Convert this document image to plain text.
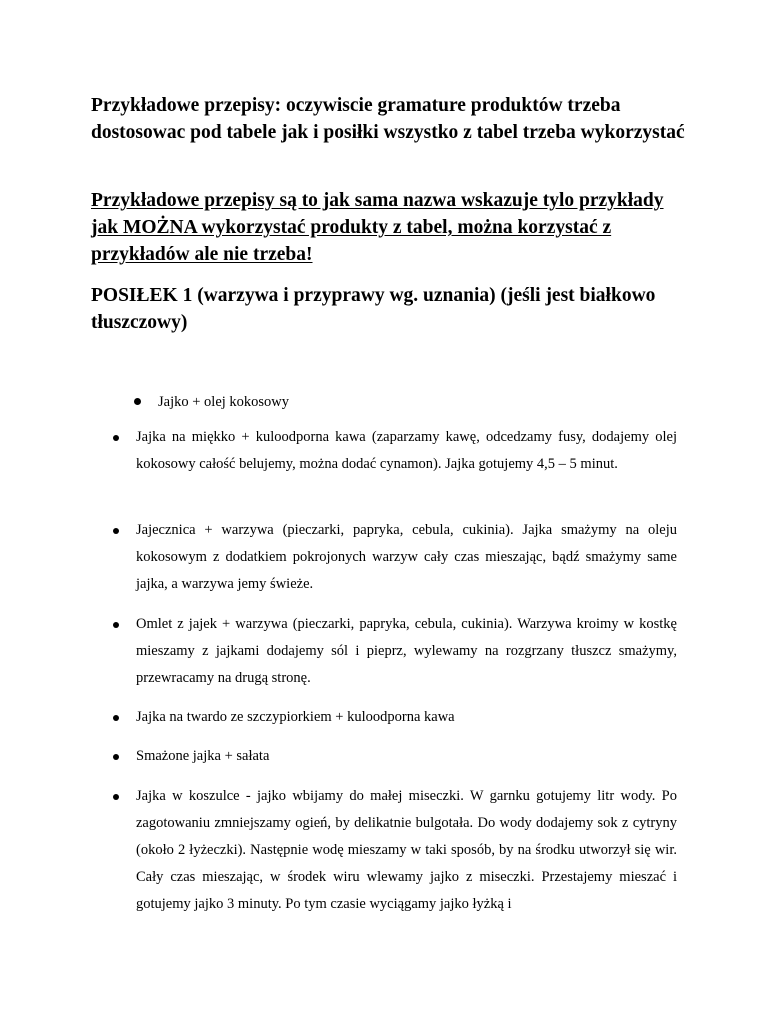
Przykładowe przepisy: oczywiscie gramature produktów trzeba dostosowac pod tabele jak i posiłki wszystko z tabel trzeba wykorzystać

Przykładowe przepisy są to jak sama nazwa wskazuje tylo przykłady jak MOŻNA wykorzystać produkty z tabel, można korzystać z przykładów ale nie trzeba!

POSIŁEK 1 (warzywa i przyprawy wg. uznania) (jeśli jest białkowo tłuszczowy)

Jajko + olej kokosowy

Jajka na miękko + kuloodporna kawa (zaparzamy kawę, odcedzamy fusy, dodajemy olej kokosowy całość belujemy, można dodać cynamon). Jajka gotujemy 4,5 – 5 minut.

Jajecznica + warzywa (pieczarki, papryka, cebula, cukinia). Jajka smażymy na oleju kokosowym z dodatkiem pokrojonych warzyw cały czas mieszając, bądź smażymy same jajka, a warzywa jemy świeże.

Omlet z jajek + warzywa (pieczarki, papryka, cebula, cukinia). Warzywa kroimy w kostkę mieszamy z jajkami dodajemy sól i pieprz, wylewamy na rozgrzany tłuszcz smażymy, przewracamy na drugą stronę.

Jajka na twardo ze szczypiorkiem + kuloodporna kawa

Smażone jajka + sałata

Jajka w koszulce - jajko wbijamy do małej miseczki. W garnku gotujemy litr wody. Po zagotowaniu zmniejszamy ogień, by delikatnie bulgotała. Do wody dodajemy sok z cytryny (około 2 łyżeczki). Następnie wodę mieszamy w taki sposób, by na środku utworzył się wir. Cały czas mieszając, w środek wiru wlewamy jajko z miseczki. Przestajemy mieszać i gotujemy jajko 3 minuty. Po tym czasie wyciągamy jajko łyżką i
